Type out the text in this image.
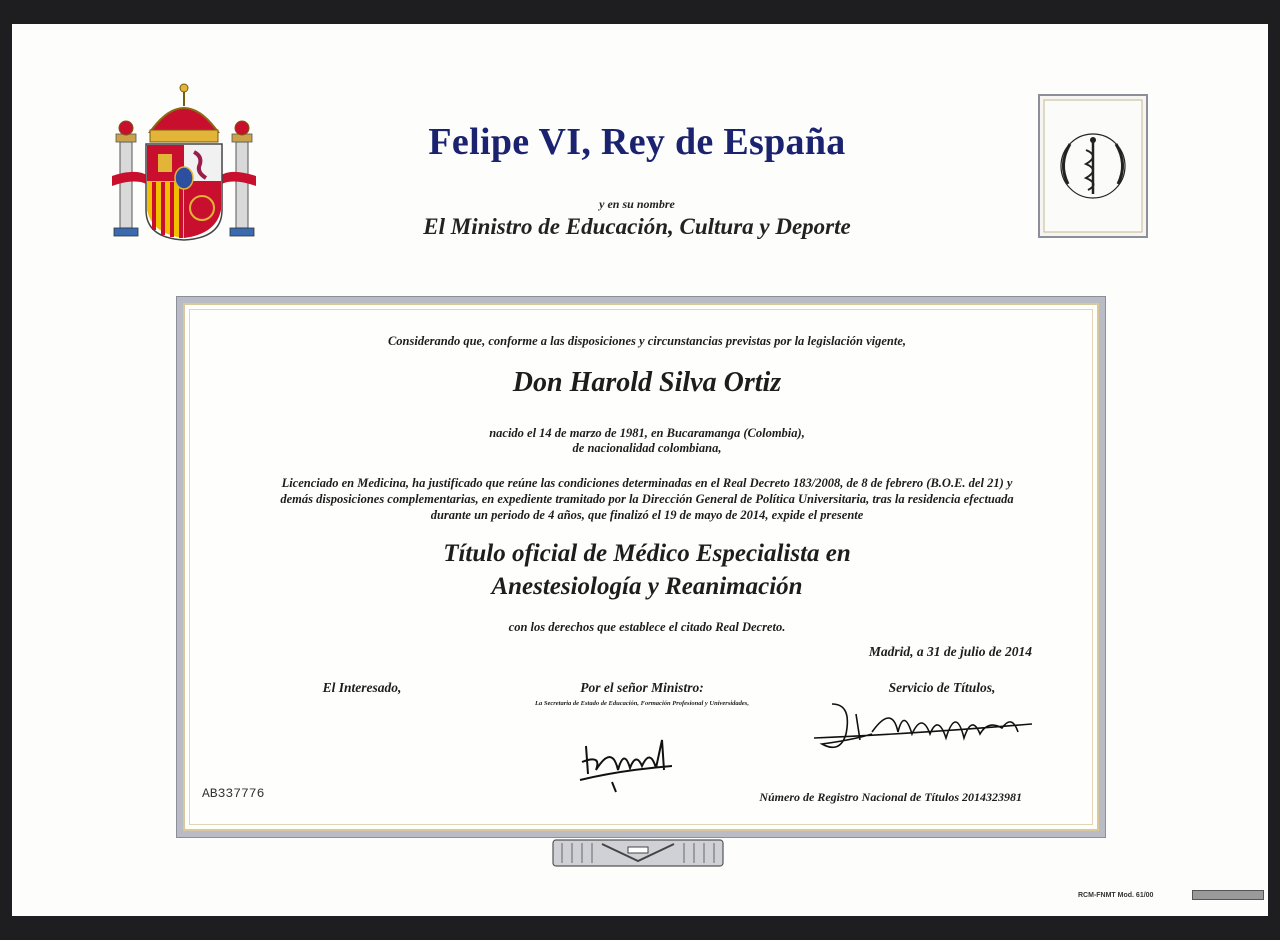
Felipe VI, Rey de España
y en su nombre
El Ministro de Educación, Cultura y Deporte
Considerando que, conforme a las disposiciones y circunstancias previstas por la legislación vigente,
Don Harold Silva Ortiz
nacido el 14 de marzo de 1981, en Bucaramanga (Colombia),
de nacionalidad colombiana,
Licenciado en Medicina, ha justificado que reúne las condiciones determinadas en el Real Decreto 183/2008, de 8 de febrero (B.O.E. del 21) y
demás disposiciones complementarias, en expediente tramitado por la Dirección General de Política Universitaria, tras la residencia efectuada
durante un periodo de 4 años, que finalizó el 19 de mayo de 2014, expide el presente
Título oficial de Médico Especialista en
Anestesiología y Reanimación
con los derechos que establece el citado Real Decreto.
Madrid, a 31 de julio de 2014
El Interesado,	Por el señor Ministro:
La Secretaria de Estado de Educación, Formación Profesional y Universidades,
Servicio de Títulos,
AB337776	Número de Registro Nacional de Títulos 2014323981
RCM-FNMT Mod. 61/00
